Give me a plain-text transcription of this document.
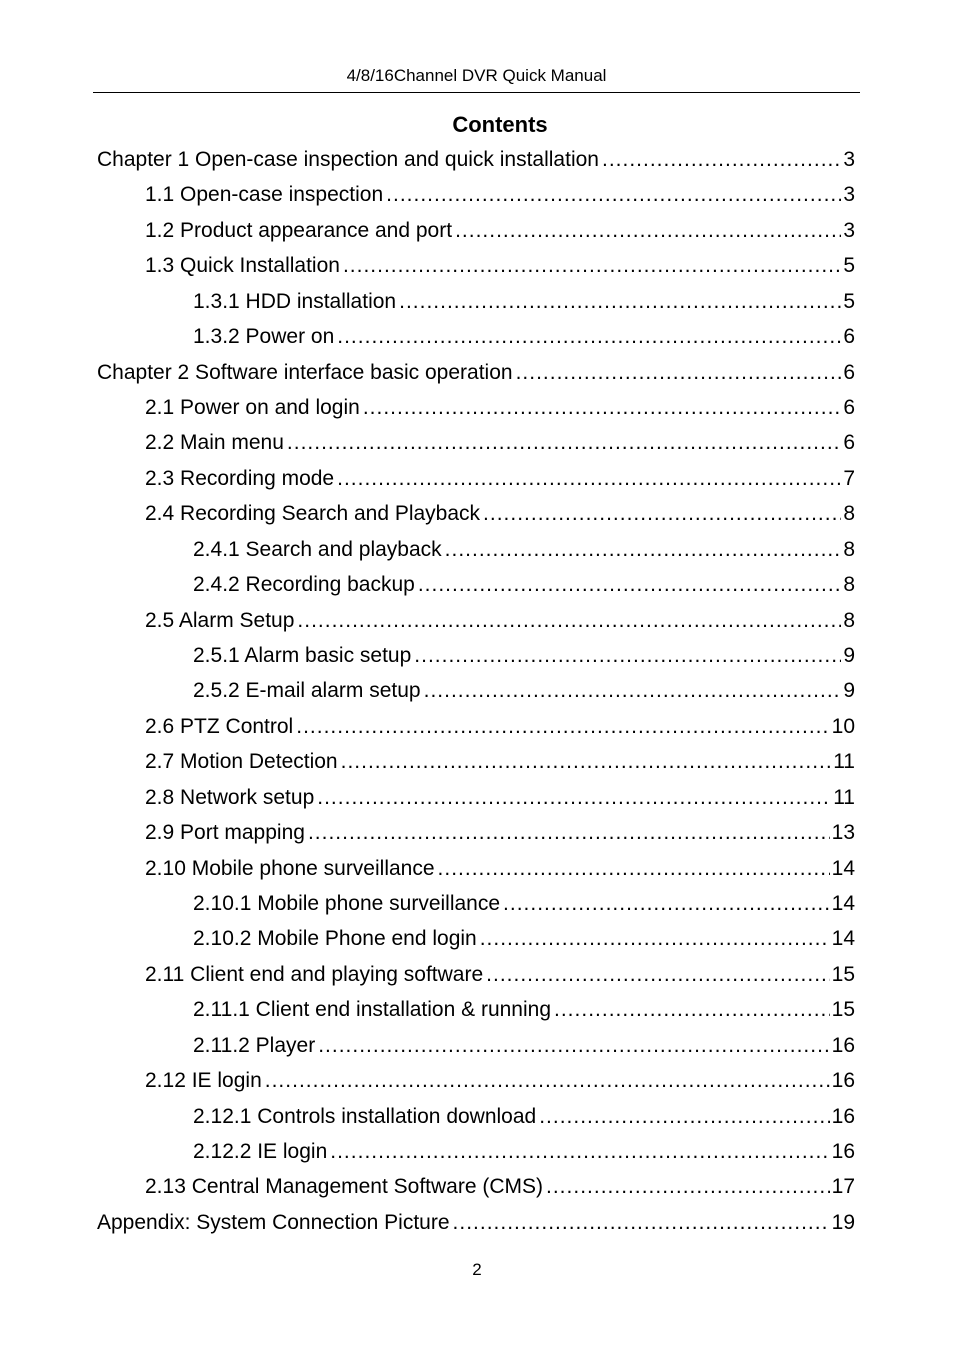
4/8/16Channel DVR Quick Manual
Contents
Chapter 1 Open-case inspection and quick installation .....	3
1.1 Open-case inspection .....	3
1.2 Product appearance and port .....	3
1.3 Quick Installation .....	5
1.3.1 HDD installation .....	5
1.3.2 Power on .....	6
Chapter 2 Software interface basic operation .....	6
2.1 Power on and login .....	6
2.2 Main menu .....	6
2.3 Recording mode .....	7
2.4 Recording Search and Playback .....	8
2.4.1 Search and playback .....	8
2.4.2 Recording backup .....	8
2.5 Alarm Setup .....	8
2.5.1 Alarm basic setup .....	9
2.5.2 E-mail alarm setup .....	9
2.6 PTZ Control .....	10
2.7 Motion Detection .....	11
2.8 Network setup .....	11
2.9 Port mapping .....	13
2.10 Mobile phone surveillance .....	14
2.10.1 Mobile phone surveillance .....	14
2.10.2 Mobile Phone end login .....	14
2.11 Client end and playing software .....	15
2.11.1 Client end installation & running .....	15
2.11.2 Player .....	16
2.12 IE login .....	16
2.12.1 Controls installation download .....	16
2.12.2 IE login .....	16
2.13 Central Management Software (CMS) .....	17
Appendix: System Connection Picture .....	19
2
